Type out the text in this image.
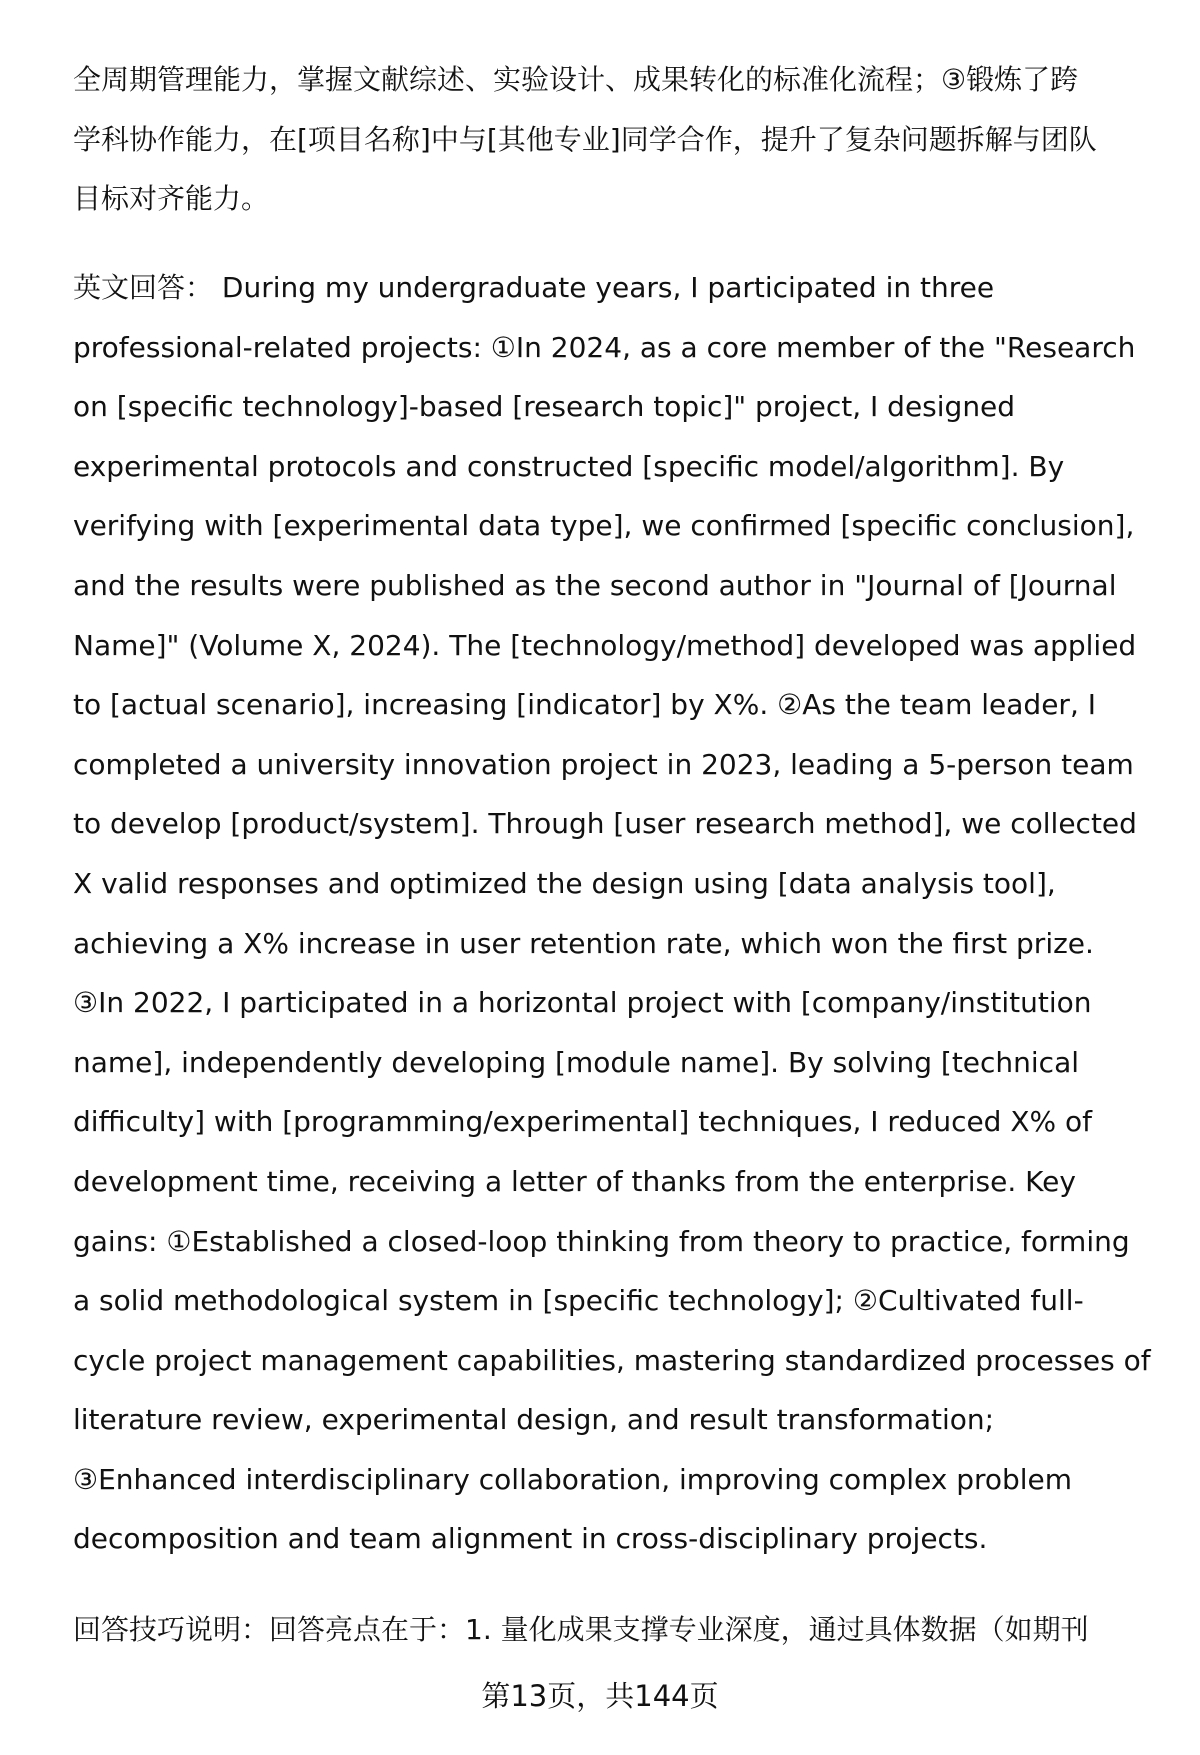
全周期管理能力，掌握文献综述、实验设计、成果转化的标准化流程；③锻炼了跨
学科协作能力，在[项目名称]中与[其他专业]同学合作，提升了复杂问题拆解与团队
目标对齐能力。
英文回答： During my undergraduate years, I participated in three
professional-related projects: ①In 2024, as a core member of the "Research
on [specific technology]-based [research topic]" project, I designed
experimental protocols and constructed [specific model/algorithm]. By
verifying with [experimental data type], we confirmed [specific conclusion],
and the results were published as the second author in "Journal of [Journal
Name]" (Volume X, 2024). The [technology/method] developed was applied
to [actual scenario], increasing [indicator] by X%. ②As the team leader, I
completed a university innovation project in 2023, leading a 5-person team
to develop [product/system]. Through [user research method], we collected
X valid responses and optimized the design using [data analysis tool],
achieving a X% increase in user retention rate, which won the first prize.
③In 2022, I participated in a horizontal project with [company/institution
name], independently developing [module name]. By solving [technical
difficulty] with [programming/experimental] techniques, I reduced X% of
development time, receiving a letter of thanks from the enterprise. Key
gains: ①Established a closed-loop thinking from theory to practice, forming
a solid methodological system in [specific technology]; ②Cultivated full-
cycle project management capabilities, mastering standardized processes of
literature review, experimental design, and result transformation;
③Enhanced interdisciplinary collaboration, improving complex problem
decomposition and team alignment in cross-disciplinary projects.
回答技巧说明：回答亮点在于：1. 量化成果支撑专业深度，通过具体数据（如期刊
第13页，共144页
